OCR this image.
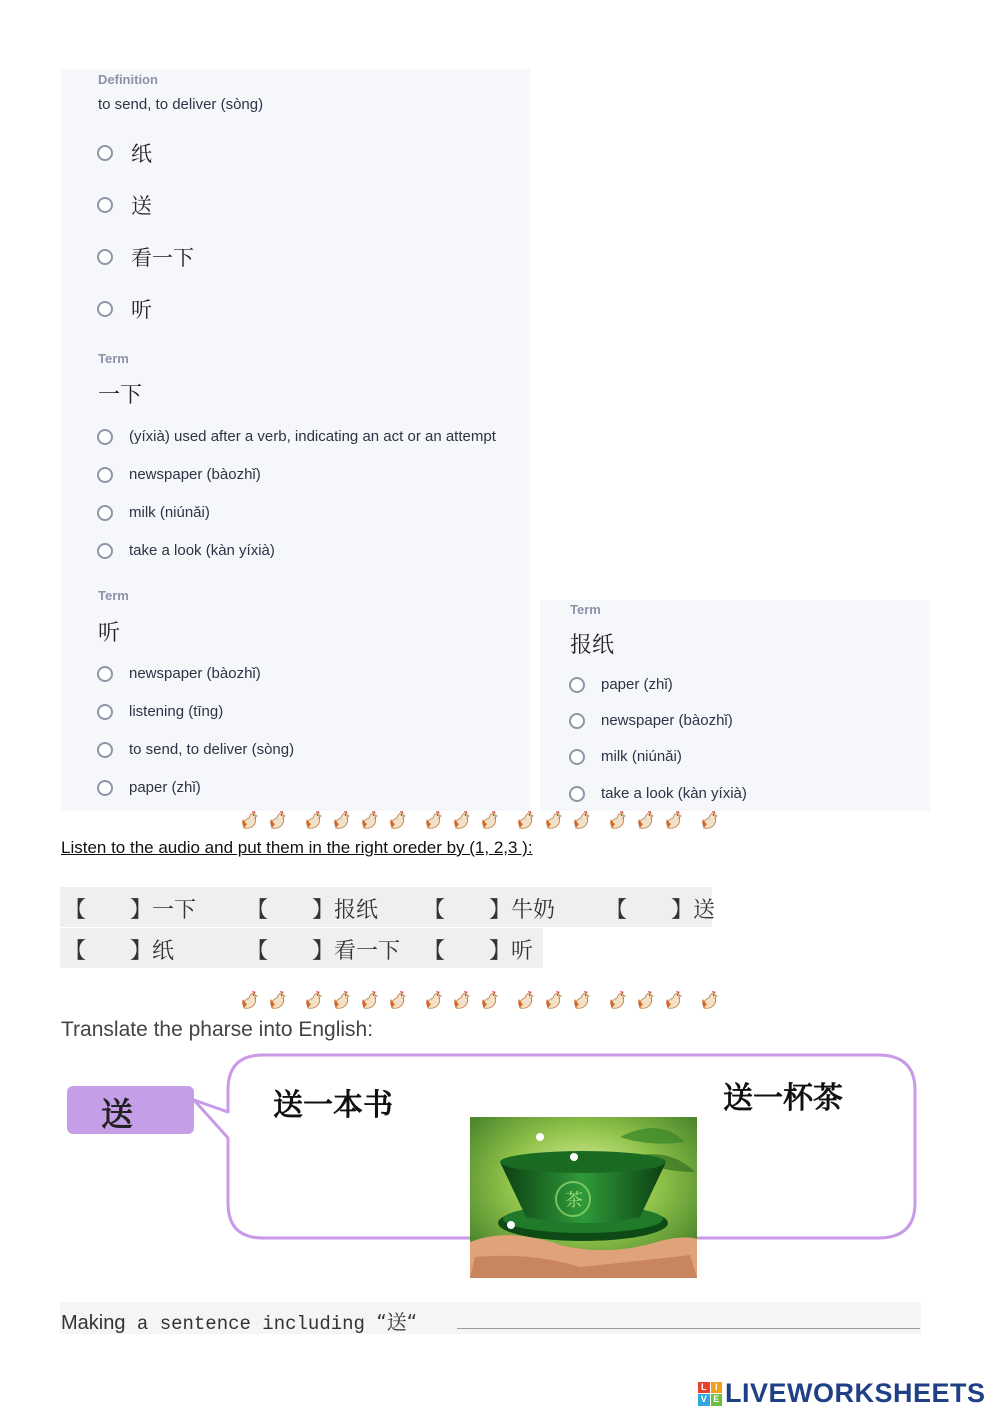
Definition
to send, to deliver (sòng)
纸
送
看一下
听
Term
一下
(yíxià) used after a verb, indicating an act or an attempt
newspaper (bàozhǐ)
milk (niúnǎi)
take a look (kàn yíxià)
Term
听
newspaper (bàozhǐ)
listening (tīng)
to send, to deliver (sòng)
paper (zhǐ)
Term
报纸
paper (zhǐ)
newspaper (bàozhǐ)
milk (niúnǎi)
take a look (kàn yíxià)
Listen to the audio and put them in the right oreder by (1, 2,3 ):
【　　】一下 【　　】报纸 【　　】牛奶 【　　】送
【　　】纸	【　　】看一下 【　　】听
Translate the pharse into English:
送	送一本书	送一杯茶
茶
Making a sentence including “送“
L I
V E LIVEWORKSHEETS
